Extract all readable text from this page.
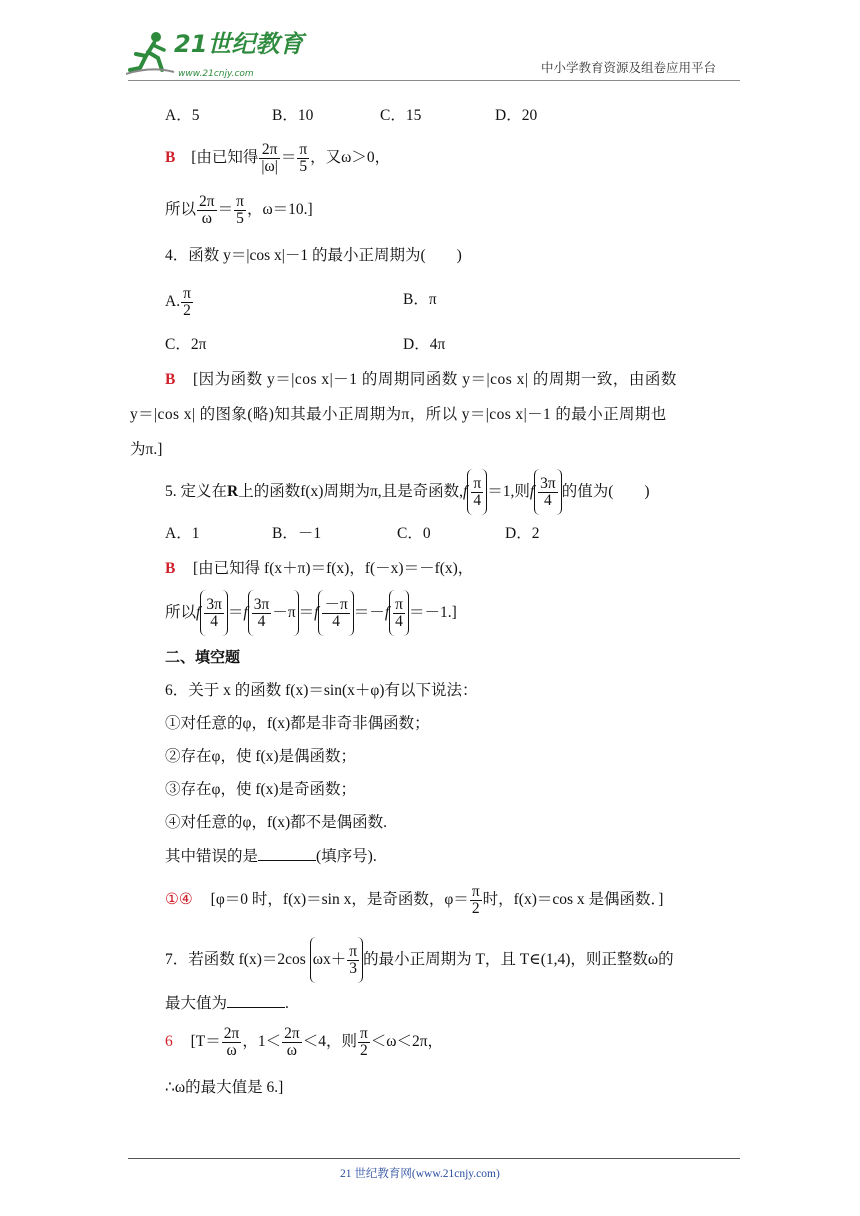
21世纪教育
www.21cnjy.com	中小学教育资源及组卷应用平台
A．5	B．10	C．15	D．20
B [由已知得 $\frac{2\pi}{|\omega|} = \frac{\pi}{5}$ ，又ω＞0，
所以 $\frac{2\pi}{\omega} = \frac{\pi}{5}$ ，ω＝10.]
4．函数 y＝|cos x|－1 的最小正周期为(　　)
A. $\frac{\pi}{2}$	B．π
C．2π	D．4π
B [因为函数 y＝|cos x|－1 的周期同函数 y＝|cos x| 的周期一致，由函数
y＝|cos x| 的图象(略)知其最小正周期为π，所以 y＝|cos x|－1 的最小正周期也
为π.]
5. 定义在R上的函数f(x)周期为π,且是奇函数$,f \frac{\pi}{4} =1$,则f $\frac{3\pi}{4}$ 的值为(　　)
A．1	B．－1	C．0	D．2
B [由已知得 f(x＋π)＝f(x)，f(－x)＝－f(x)，
所以f $\frac{3\pi}{4} =f \frac{3\pi}{4} -\pi =f \frac{-\pi}{4} =-f \frac{\pi}{4} =-1$.]
二、填空题
6．关于 x 的函数 f(x)＝sin(x＋φ)有以下说法：
①对任意的φ，f(x)都是非奇非偶函数；
②存在φ，使 f(x)是偶函数；
③存在φ，使 f(x)是奇函数；
④对任意的φ，f(x)都不是偶函数.
其中错误的是	(填序号).
①④ [φ＝0 时，f(x)＝sin x，是奇函数，$\varphi= \frac{\pi}{2}$ 时，f(x)＝cos x 是偶函数．]
7．若函数 f(x)＝2cos $\omega x+ \frac{\pi}{3}$ 的最小正周期为 T，且 T∈(1,4)，则正整数ω的
最大值为	.
6 [$T= \frac{2\pi}{\omega}$ ，$1< \frac{2\pi}{\omega} <4$，则 $\frac{\pi}{2} <\omega<2\pi$，
∴ω的最大值是 6.]
21 世纪教育网(www.21cnjy.com)
